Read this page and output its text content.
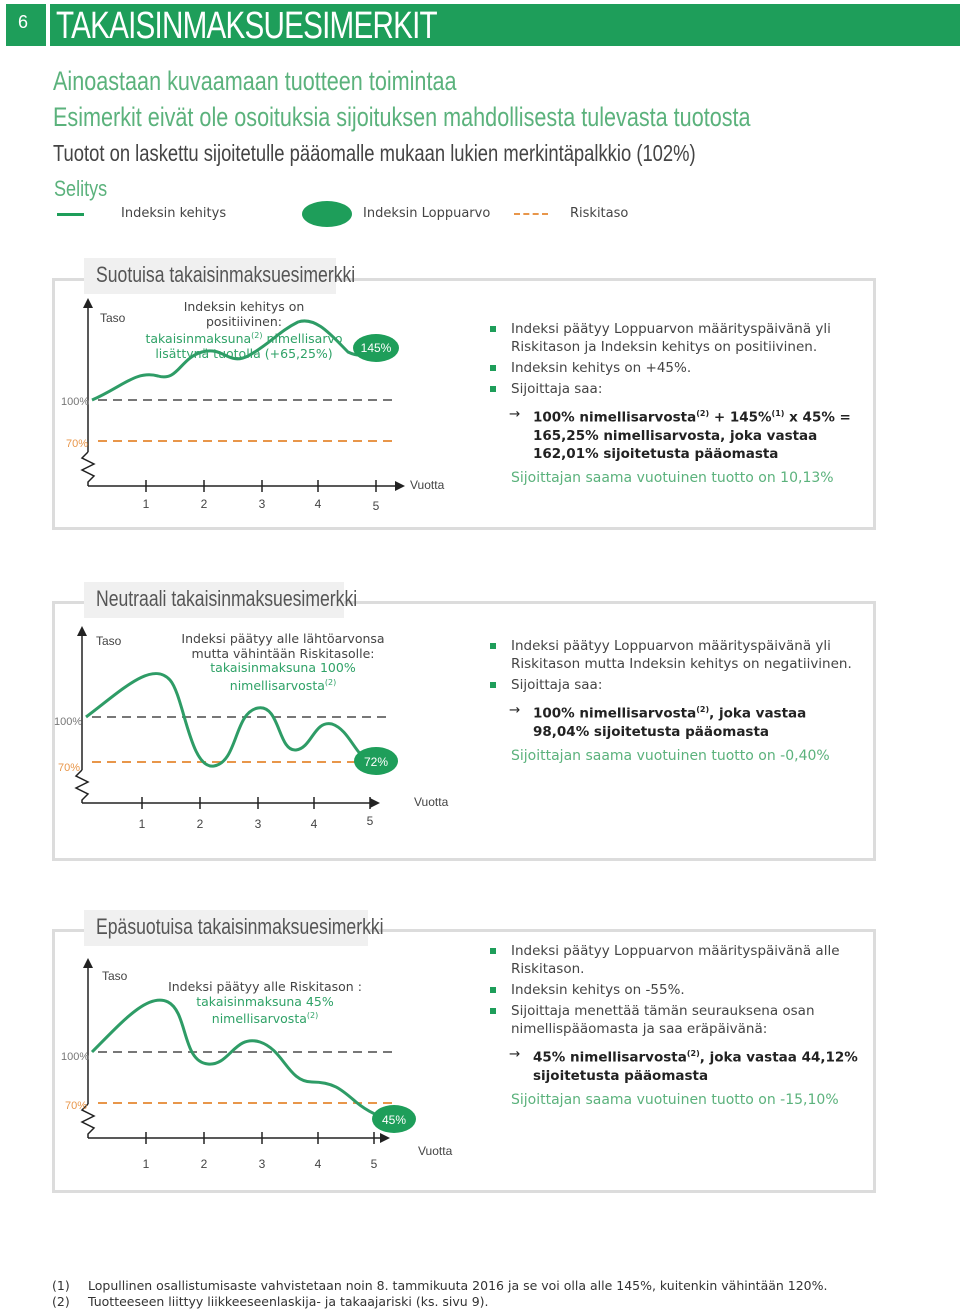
6 TAKAISINMAKSUESIMERKIT
Ainoastaan kuvaamaan tuotteen toimintaa
Esimerkit eivät ole osoituksia sijoituksen mahdollisesta tulevasta tuotosta
Tuotot on laskettu sijoitetulle pääomalle mukaan lukien merkintäpalkkio (102%)
Selitys
Indeksin kehitys	Indeksin Loppuarvo	Riskitaso
Suotuisa takaisinmaksuesimerkki
145%
Taso
100%
70%
Vuotta
1	2	3	4	5
Indeksin kehitys on positiivinen:
takaisinmaksuna$^{(2)}$ nimellisarvo
lisättynä tuotolla (+65,25%)
Indeksi päätyy Loppuarvon määrityspäivänä yli Riskitason ja Indeksin kehitys on positiivinen.
Indeksin kehitys on +45%.
Sijoittaja saa:
→ 100% nimellisarvosta$^{(2)}$ + 145%$^{(1)}$ x 45% = 165,25% nimellisarvosta, joka vastaa 162,01% sijoitetusta pääomasta
Sijoittajan saama vuotuinen tuotto on 10,13%
Neutraali takaisinmaksuesimerkki
72%
Taso
100%
70%
Vuotta
1	2	3	4	5
Indeksi päätyy alle lähtöarvonsa
mutta vähintään Riskitasolle:
takaisinmaksuna 100%
nimellisarvosta$^{(2)}$
Indeksi päätyy Loppuarvon määrityspäivänä yli Riskitason mutta Indeksin kehitys on negatiivinen.
Sijoittaja saa:
→ 100% nimellisarvosta$^{(2)}$, joka vastaa 98,04% sijoitetusta pääomasta
Sijoittajan saama vuotuinen tuotto on -0,40%
Epäsuotuisa takaisinmaksuesimerkki
45%
Taso
100%
70%
Vuotta
1	2	3	4	5
Indeksi päätyy alle Riskitason :
takaisinmaksuna 45%
nimellisarvosta$^{(2)}$
Indeksi päätyy Loppuarvon määrityspäivänä alle Riskitason.
Indeksin kehitys on -55%.
Sijoittaja menettää tämän seurauksena osan nimellispääomasta ja saa eräpäivänä:
→ 45% nimellisarvosta$^{(2)}$, joka vastaa 44,12% sijoitetusta pääomasta
Sijoittajan saama vuotuinen tuotto on -15,10%
(1)	Lopullinen osallistumisaste vahvistetaan noin 8. tammikuuta 2016 ja se voi olla alle 145%, kuitenkin vähintään 120%.
(2)	Tuotteeseen liittyy liikkeeseenlaskija- ja takaajariski (ks. sivu 9).
